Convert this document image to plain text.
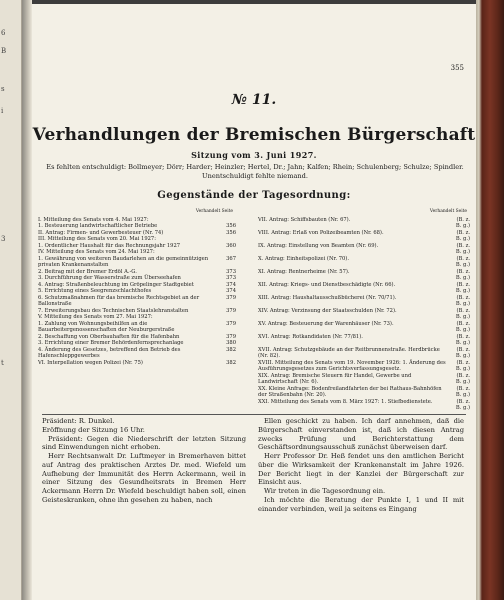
6
B
s
i
3
t
355
№ 11.
Verhandlungen der Bremischen Bürgerschaft
Sitzung vom 3. Juni 1927.
Es fehlten entschuldigt: Bollmeyer; Dörr; Harder; Heinzler; Hertel, Dr.; Jahn; Kalfen; Rhein; Schulenberg; Schulze; Spindler. Unentschuldigt fehlte niemand.
Gegenstände der Tagesordnung:
Verhandelt Seite
I. Mitteilung des Senats vom 4. Mai 1927:
1. Besteuerung landwirtschaftlicher Betriebe	356
II. Antrag: Firmen- und Gewerbesteuer (Nr. 74)	356
III. Mitteilung des Senats vom 20. Mai 1927:
1. Ordentlicher Haushalt für das Rechnungsjahr 1927	360
IV. Mitteilung des Senats vom 24. Mai 1927:
1. Gewährung von weiteren Baudarlehen an die gemeinnützigen privaten Krankenanstalten
367
2. Beitrag mit der Bremer Erdöl A.-G.	373
3. Durchführung der Wasserstraße zum Überseehafen	373
4. Antrag: Straßenbeleuchtung im Gröpelinger Stadtgebiet	374
5. Errichtung eines Seegrenzschlachthofes	374
6. Schutzmaßnahmen für das bremische Rechtsgebiet an der Ballonstraße
379
7. Erweiterungsbau des Technischen Staatslehranstalten	379
V. Mitteilung des Senats vom 27. Mai 1927:
1. Zahlung von Wohnungsbeihilfen an die Bauarbeitergenossenschaften der Neuburgerstraße
379
2. Beschaffung von Oberbauhaften für die Hafenbahn	379
3. Errichtung einer Bremer Behördenfernsprechanlage	380
4. Änderung des Gesetzes, betreffend den Betrieb des Hafenschleppgewerbes
382
VI. Interpellation wegen Polizei (Nr. 75)	382
Verhandelt Seite
VII. Antrag: Schiffsbauten (Nr. 67).	(B. z. B. g.)
VIII. Antrag: Erlaß von Polizeibeamten (Nr. 68).	(B. z. B. g.)
IX. Antrag: Einstellung von Beamten (Nr. 69).	(B. z. B. g.)
X. Antrag: Einheitspolizei (Nr. 70).	(B. z. B. g.)
XI. Antrag: Rentnerheime (Nr. 57).	(B. z. B. g.)
XII. Antrag: Kriegs- und Dienstbeschädigte (Nr. 66).	(B. z. B. g.)
XIII. Antrag: Haushaltausschußbücherei (Nr. 70/71).	(B. z. B. g.)
XIV. Antrag: Verzinsung der Staatsschulden (Nr. 72).	(B. z. B. g.)
XV. Antrag: Besteuerung der Warenhäuser (Nr. 73).	(B. z. B. g.)
XVI. Antrag: Rotkandidaten (Nr. 77/81).	(B. z. B. g.)
XVII. Antrag: Schutzgebäude an der Reitbrunnenstraße. Herdbrücke (Nr. 82).
(B. z. B. g.)
XVIII. Mitteilung des Senats vom 19. November 1926: 1. Änderung des Ausführungsgesetzes zum Gerichtsverfassungsgesetz.
(B. z. B. g.)
XIX. Antrag: Bremische Steuern für Handel, Gewerbe und Landwirtschaft (Nr. 6).
(B. z. B. g.)
XX. Kleine Anfrage: Bodenfreilandfahrten der bei Rathaus-Bahnhöfen der Straßenbahn (Nr. 20).
(B. z. B. g.)
XXI. Mitteilung des Senats vom 8. März 1927: 1. Stiefbedienstete.	(B. z. B. g.)

Präsident: R. Dunkel.

Eröffnung der Sitzung 16 Uhr.

Präsident: Gegen die Niederschrift der letzten Sitzung sind Einwendungen nicht erhoben.

Herr Rechtsanwalt Dr. Luftmeyer in Bremerhaven bittet auf Antrag des praktischen Arztes Dr. med. Wiefeld um Aufhebung der Immunität des Herrn Ackermann, weil in einer Sitzung des Gesundheitsrats in Bremen Herr Ackermann Herrn Dr. Wiefeld beschuldigt haben soll, einen Geisteskranken, ohne ihn gesehen zu haben, nach

Ellen geschickt zu haben. Ich darf annehmen, daß die Bürgerschaft einverstanden ist, daß ich diesen Antrag zwecks Prüfung und Berichterstattung dem Geschäftsordnungsausschuß zunächst überweisen darf.

Herr Professor Dr. Heß fendet uns den amtlichen Bericht über die Wirksamkeit der Krankenanstalt im Jahre 1926. Der Bericht liegt in der Kanzlei der Bürgerschaft zur Einsicht aus.

Wir treten in die Tagesordnung ein.

Ich möchte die Beratung der Punkte I, 1 und II mit einander verbinden, weil ja seitens es Eingang
